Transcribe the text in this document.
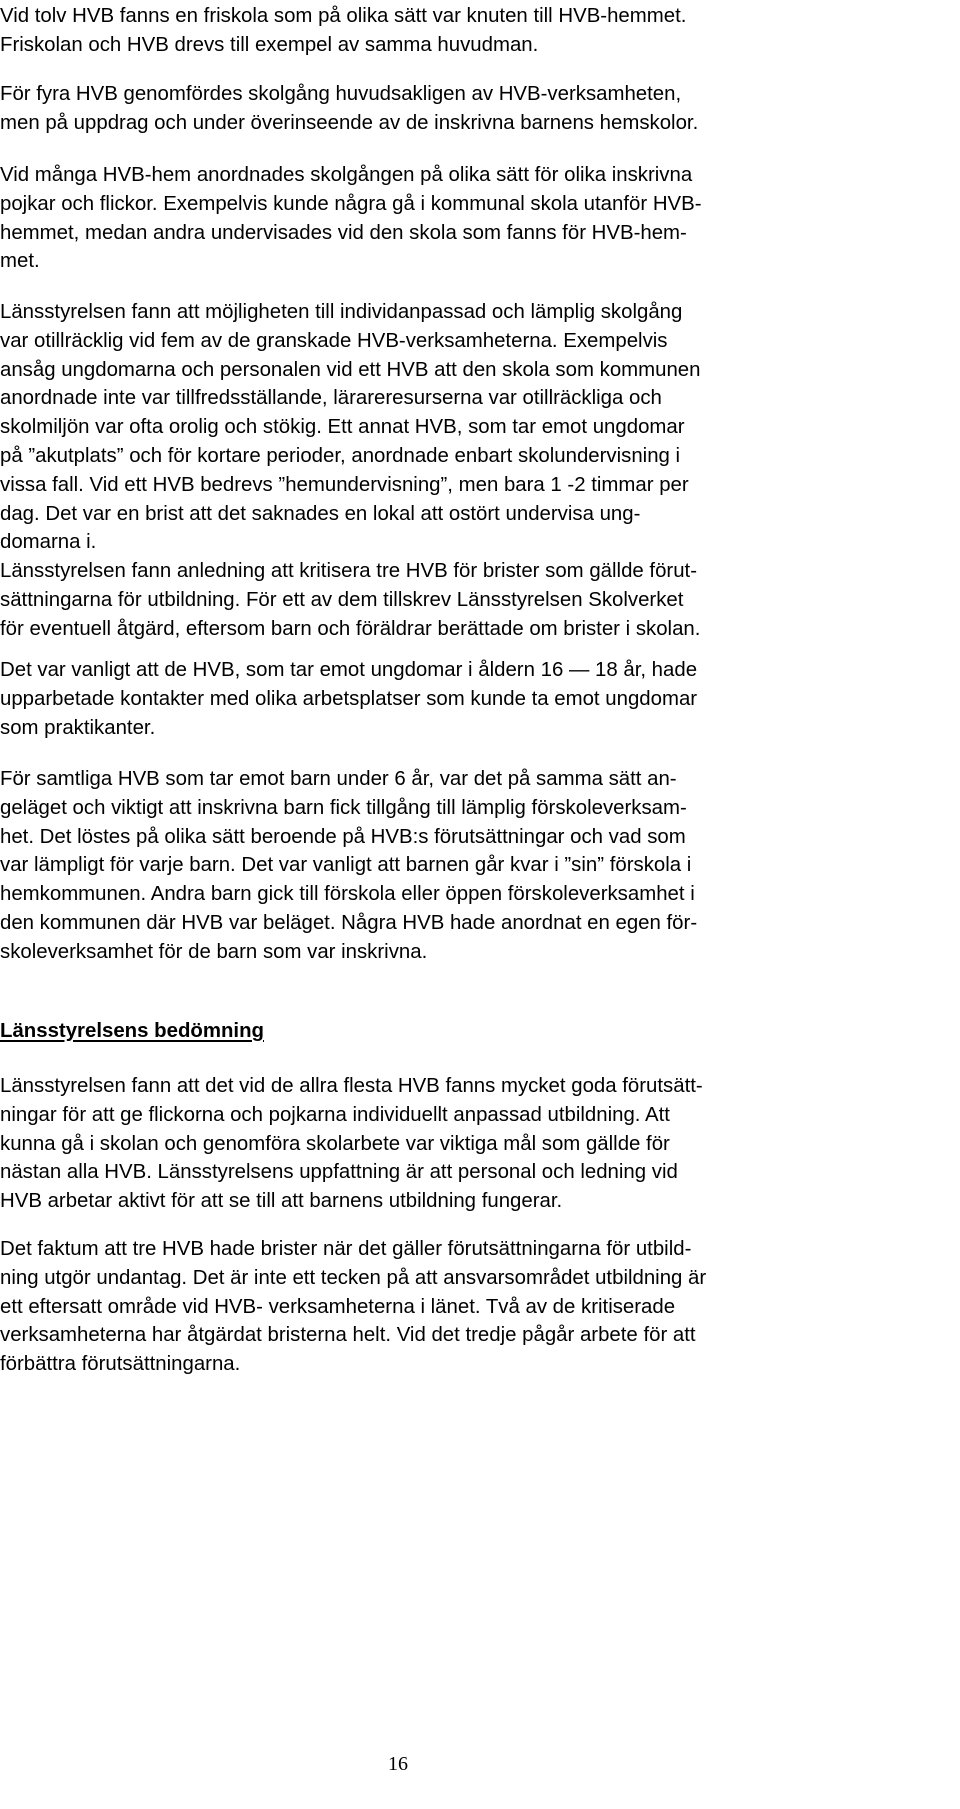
Vid tolv HVB fanns en friskola som på olika sätt var knuten till HVB-hemmet.
Friskolan och HVB drevs till exempel av samma huvudman.

För fyra HVB genomfördes skolgång huvudsakligen av HVB-verksamheten,
men på uppdrag och under överinseende av de inskrivna barnens hemskolor.

Vid många HVB-hem anordnades skolgången på olika sätt för olika inskrivna
pojkar och flickor. Exempelvis kunde några gå i kommunal skola utanför HVB-
hemmet, medan andra undervisades vid den skola som fanns för HVB-hem-
met.

Länsstyrelsen fann att möjligheten till individanpassad och lämplig skolgång
var otillräcklig vid fem av de granskade HVB-verksamheterna. Exempelvis
ansåg ungdomarna och personalen vid ett HVB att den skola som kommunen
anordnade inte var tillfredsställande, lärareresurserna var otillräckliga och
skolmiljön var ofta orolig och stökig. Ett annat HVB, som tar emot ungdomar
på ”akutplats” och för kortare perioder, anordnade enbart skolundervisning i
vissa fall. Vid ett HVB bedrevs ”hemundervisning”, men bara 1 -2 timmar per
dag. Det var en brist att det saknades en lokal att ostört undervisa ung-
domarna i.
Länsstyrelsen fann anledning att kritisera tre HVB för brister som gällde förut-
sättningarna för utbildning. För ett av dem tillskrev Länsstyrelsen Skolverket
för eventuell åtgärd, eftersom barn och föräldrar berättade om brister i skolan.

Det var vanligt att de HVB, som tar emot ungdomar i åldern 16 — 18 år, hade
upparbetade kontakter med olika arbetsplatser som kunde ta emot ungdomar
som praktikanter.

För samtliga HVB som tar emot barn under 6 år, var det på samma sätt an-
geläget och viktigt att inskrivna barn fick tillgång till lämplig förskoleverksam-
het. Det löstes på olika sätt beroende på HVB:s förutsättningar och vad som
var lämpligt för varje barn. Det var vanligt att barnen går kvar i ”sin” förskola i
hemkommunen. Andra barn gick till förskola eller öppen förskoleverksamhet i
den kommunen där HVB var beläget. Några HVB hade anordnat en egen för-
skoleverksamhet för de barn som var inskrivna.

Länsstyrelsens bedömning

Länsstyrelsen fann att det vid de allra flesta HVB fanns mycket goda förutsätt-
ningar för att ge flickorna och pojkarna individuellt anpassad utbildning. Att
kunna gå i skolan och genomföra skolarbete var viktiga mål som gällde för
nästan alla HVB. Länsstyrelsens uppfattning är att personal och ledning vid
HVB arbetar aktivt för att se till att barnens utbildning fungerar.

Det faktum att tre HVB hade brister när det gäller förutsättningarna för utbild-
ning utgör undantag. Det är inte ett tecken på att ansvarsområdet utbildning är
ett eftersatt område vid HVB- verksamheterna i länet. Två av de kritiserade
verksamheterna har åtgärdat bristerna helt. Vid det tredje pågår arbete för att
förbättra förutsättningarna.

16
